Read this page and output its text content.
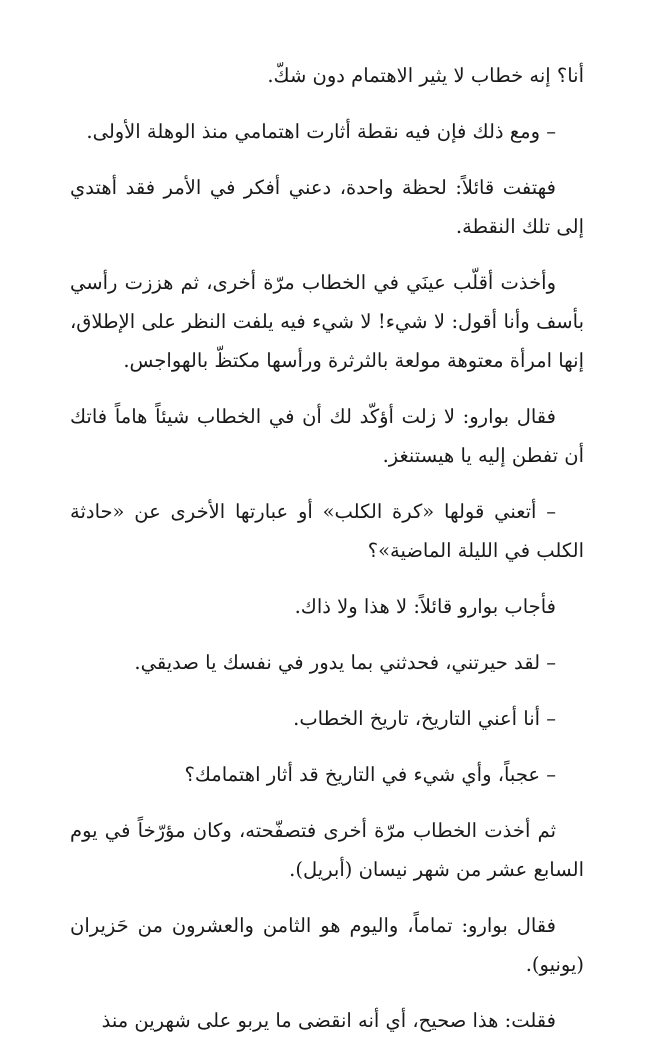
أنا؟ إنه خطاب لا يثير الاهتمام دون شكّ.

– ومع ذلك فإن فيه نقطة أثارت اهتمامي منذ الوهلة الأولى.

فهتفت قائلاً: لحظة واحدة، دعني أفكر في الأمر فقد أهتدي إلى تلك النقطة.

وأخذت أقلّب عينَي في الخطاب مرّة أخرى، ثم هززت رأسي بأسف وأنا أقول: لا شيء! لا شيء فيه يلفت النظر على الإطلاق، إنها امرأة معتوهة مولعة بالثرثرة ورأسها مكتظّ بالهواجس.

فقال بوارو: لا زلت أؤكّد لك أن في الخطاب شيئاً هاماً فاتك أن تفطن إليه يا هيستنغز.

– أتعني قولها «كرة الكلب» أو عبارتها الأخرى عن «حادثة الكلب في الليلة الماضية»؟

فأجاب بوارو قائلاً: لا هذا ولا ذاك.

– لقد حيرتني، فحدثني بما يدور في نفسك يا صديقي.

– أنا أعني التاريخ، تاريخ الخطاب.

– عجباً، وأي شيء في التاريخ قد أثار اهتمامك؟

ثم أخذت الخطاب مرّة أخرى فتصفّحته، وكان مؤرّخاً في يوم السابع عشر من شهر نيسان (أبريل).

فقال بوارو: تماماً، واليوم هو الثامن والعشرون من حَزيران (يونيو).

فقلت: هذا صحيح، أي أنه انقضى ما يربو على شهرين منذ
